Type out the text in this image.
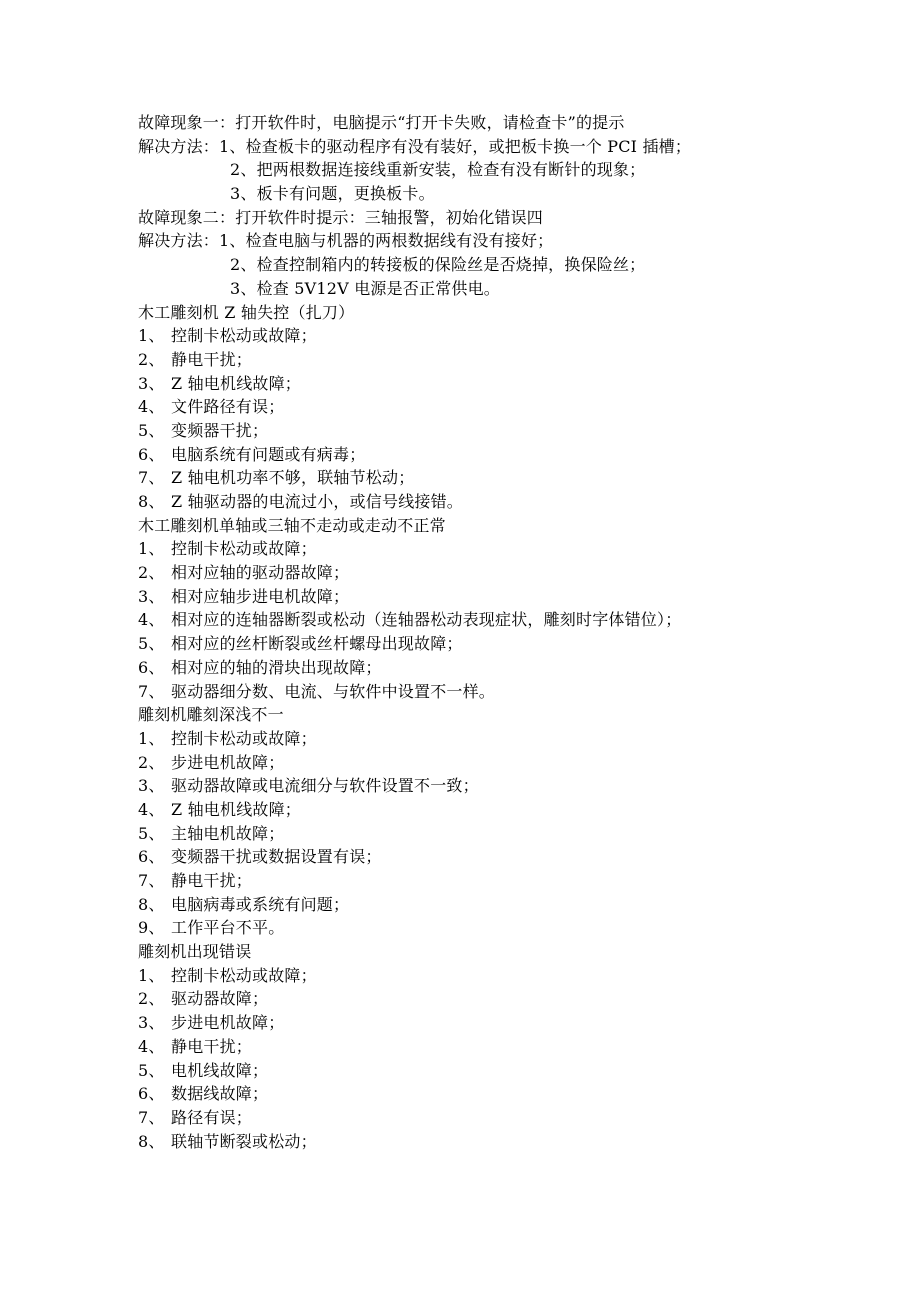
故障现象一：打开软件时，电脑提示“打开卡失败，请检查卡”的提示
解决方法：1、检查板卡的驱动程序有没有装好，或把板卡换一个 PCI 插槽；
2、把两根数据连接线重新安装，检查有没有断针的现象；
3、板卡有问题，更换板卡。
故障现象二：打开软件时提示：三轴报警，初始化错误四
解决方法：1、检查电脑与机器的两根数据线有没有接好；
2、检查控制箱内的转接板的保险丝是否烧掉，换保险丝；
3、检查 5V12V 电源是否正常供电。
木工雕刻机 Z 轴失控（扎刀）
1、 控制卡松动或故障；
2、 静电干扰；
3、 Z 轴电机线故障；
4、 文件路径有误；
5、 变频器干扰；
6、 电脑系统有问题或有病毒；
7、 Z 轴电机功率不够，联轴节松动；
8、 Z 轴驱动器的电流过小，或信号线接错。
木工雕刻机单轴或三轴不走动或走动不正常
1、 控制卡松动或故障；
2、 相对应轴的驱动器故障；
3、 相对应轴步进电机故障；
4、 相对应的连轴器断裂或松动（连轴器松动表现症状，雕刻时字体错位）；
5、 相对应的丝杆断裂或丝杆螺母出现故障；
6、 相对应的轴的滑块出现故障；
7、 驱动器细分数、电流、与软件中设置不一样。
雕刻机雕刻深浅不一
1、 控制卡松动或故障；
2、 步进电机故障；
3、 驱动器故障或电流细分与软件设置不一致；
4、 Z 轴电机线故障；
5、 主轴电机故障；
6、 变频器干扰或数据设置有误；
7、 静电干扰；
8、 电脑病毒或系统有问题；
9、 工作平台不平。
雕刻机出现错误
1、 控制卡松动或故障；
2、 驱动器故障；
3、 步进电机故障；
4、 静电干扰；
5、 电机线故障；
6、 数据线故障；
7、 路径有误；
8、 联轴节断裂或松动；
